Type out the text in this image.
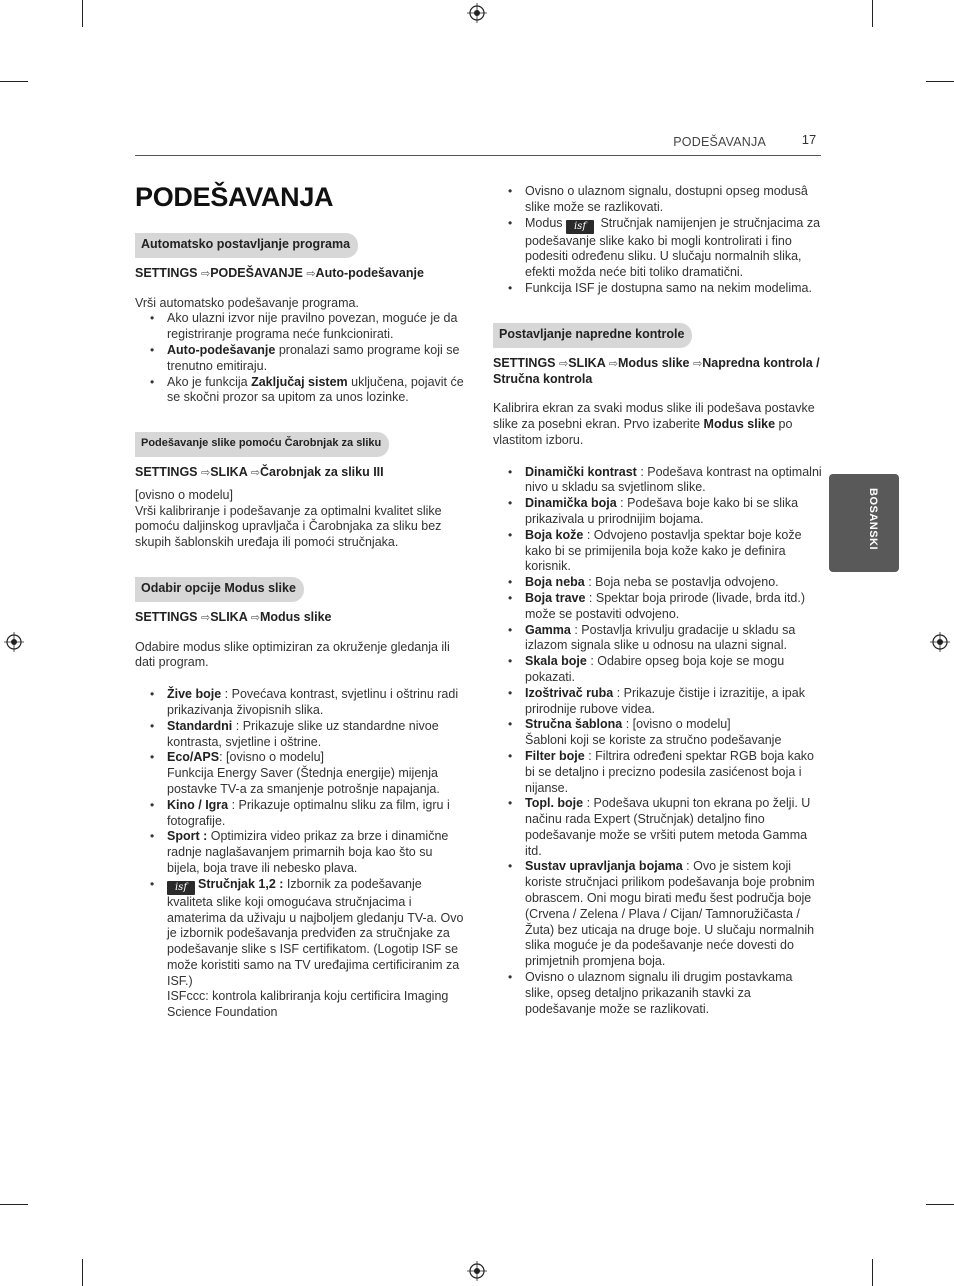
PODEŠAVANJA	17
BOSANSKI
PODEŠAVANJA
Automatsko postavljanje programa
SETTINGS ⇨PODEŠAVANJE ⇨Auto-podešavanje
Vrši automatsko podešavanje programa.
• Ako ulazni izvor nije pravilno povezan, moguće je da registriranje programa neće funkcionirati.
• Auto-podešavanje pronalazi samo programe koji se trenutno emitiraju.
• Ako je funkcija Zaključaj sistem uključena, pojavit će se skočni prozor sa upitom za unos lozinke.
Podešavanje slike pomoću Čarobnjak za sliku
SETTINGS ⇨SLIKA ⇨Čarobnjak za sliku III
[ovisno o modelu]
Vrši kalibriranje i podešavanje za optimalni kvalitet slike pomoću daljinskog upravljača i Čarobnjaka za sliku bez skupih šablonskih uređaja ili pomoći stručnjaka.
Odabir opcije Modus slike
SETTINGS ⇨SLIKA ⇨Modus slike
Odabire modus slike optimiziran za okruženje gledanja ili dati program.
• Žive boje : Povećava kontrast, svjetlinu i oštrinu radi prikazivanja živopisnih slika.
• Standardni : Prikazuje slike uz standardne nivoe kontrasta, svjetline i oštrine.
• Eco/APS: [ovisno o modelu]
Funkcija Energy Saver (Štednja energije) mijenja postavke TV-a za smanjenje potrošnje napajanja.
• Kino / Igra : Prikazuje optimalnu sliku za film, igru i fotografije.
• Sport : Optimizira video prikaz za brze i dinamične radnje naglašavanjem primarnih boja kao što su bijela, boja trave ili nebesko plava.
• isf Stručnjak 1,2 : Izbornik za podešavanje kvaliteta slike koji omogućava stručnjacima i amaterima da uživaju u najboljem gledanju TV-a. Ovo je izbornik podešavanja predviđen za stručnjake za podešavanje slike s ISF certifikatom. (Logotip ISF se može koristiti samo na TV uređajima certificiranim za ISF.)
ISFccc: kontrola kalibriranja koju certificira Imaging Science Foundation
• Ovisno o ulaznom signalu, dostupni opseg modusâ slike može se razlikovati.
• Modus isf Stručnjak namijenjen je stručnjacima za podešavanje slike kako bi mogli kontrolirati i fino podesiti određenu sliku. U slučaju normalnih slika, efekti možda neće biti toliko dramatični.
• Funkcija ISF je dostupna samo na nekim modelima.
Postavljanje napredne kontrole
SETTINGS ⇨SLIKA ⇨Modus slike ⇨Napredna kontrola / Stručna kontrola
Kalibrira ekran za svaki modus slike ili podešava postavke slike za posebni ekran. Prvo izaberite Modus slike po vlastitom izboru.
• Dinamički kontrast : Podešava kontrast na optimalni nivo u skladu sa svjetlinom slike.
• Dinamička boja : Podešava boje kako bi se slika prikazivala u prirodnijim bojama.
• Boja kože : Odvojeno postavlja spektar boje kože kako bi se primijenila boja kože kako je definira korisnik.
• Boja neba : Boja neba se postavlja odvojeno.
• Boja trave : Spektar boja prirode (livade, brda itd.) može se postaviti odvojeno.
• Gamma : Postavlja krivulju gradacije u skladu sa izlazom signala slike u odnosu na ulazni signal.
• Skala boje : Odabire opseg boja koje se mogu pokazati.
• Izoštrivač ruba : Prikazuje čistije i izrazitije, a ipak prirodnije rubove videa.
• Stručna šablona : [ovisno o modelu]
Šabloni koji se koriste za stručno podešavanje
• Filter boje : Filtrira određeni spektar RGB boja kako bi se detaljno i precizno podesila zasićenost boja i nijanse.
• Topl. boje : Podešava ukupni ton ekrana po želji. U načinu rada Expert (Stručnjak) detaljno fino podešavanje može se vršiti putem metoda Gamma itd.
• Sustav upravljanja bojama : Ovo je sistem koji koriste stručnjaci prilikom podešavanja boje probnim obrascem. Oni mogu birati među šest područja boje (Crvena / Zelena / Plava / Cijan/ Tamnoružičasta / Žuta) bez uticaja na druge boje. U slučaju normalnih slika moguće je da podešavanje neće dovesti do primjetnih promjena boja.
• Ovisno o ulaznom signalu ili drugim postavkama slike, opseg detaljno prikazanih stavki za podešavanje može se razlikovati.
